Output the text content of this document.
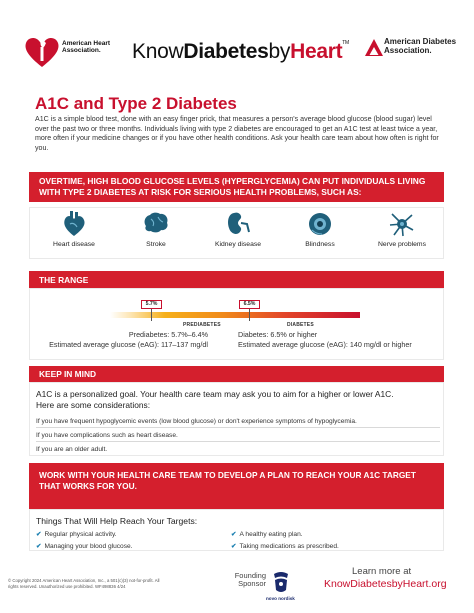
American Heart Association.	KnowDiabetesbyHeart™	American Diabetes Association.
A1C and Type 2 Diabetes

A1C is a simple blood test, done with an easy finger prick, that measures a person's average blood glucose (blood sugar) level over the past two or three months. Individuals living with type 2 diabetes are encouraged to get an A1C test at least twice a year, more often if your medicine changes or if you have other health conditions. Ask your health care team about how often is right for you.

OVERTIME, HIGH BLOOD GLUCOSE LEVELS (HYPERGLYCEMIA) CAN PUT INDIVIDUALS LIVING WITH TYPE 2 DIABETES AT RISK FOR SERIOUS HEALTH PROBLEMS, SUCH AS:
Heart disease	Stroke	Kidney disease	Blindness	Nerve problems
THE RANGE
5.7%	6.5%
PREDIABETES	DIABETES
Prediabetes: 5.7%–6.4%
Estimated average glucose (eAG): 117–137 mg/dl
Diabetes: 6.5% or higher
Estimated average glucose (eAG): 140 mg/dl or higher
KEEP IN MIND

A1C is a personalized goal. Your health care team may ask you to aim for a higher or lower A1C. Here are some considerations:

If you have frequent hypoglycemic events (low blood glucose) or don't experience symptoms of hypoglycemia.
If you have complications such as heart disease.
If you are an older adult.
WORK WITH YOUR HEALTH CARE TEAM TO DEVELOP A PLAN TO REACH YOUR A1C TARGET THAT WORKS FOR YOU.
Things That Will Help Reach Your Targets:
✔ Regular physical activity.
✔ Managing your blood glucose.
✔ A healthy eating plan.
✔ Taking medications as prescribed.
© Copyright 2024 American Heart Association, Inc., a 501(c)(3) not-for-profit. All rights reserved. Unauthorized use prohibited. WF498836 4/24
Founding Sponsor
novo nordisk
Learn more at
KnowDiabetesbyHeart.org
